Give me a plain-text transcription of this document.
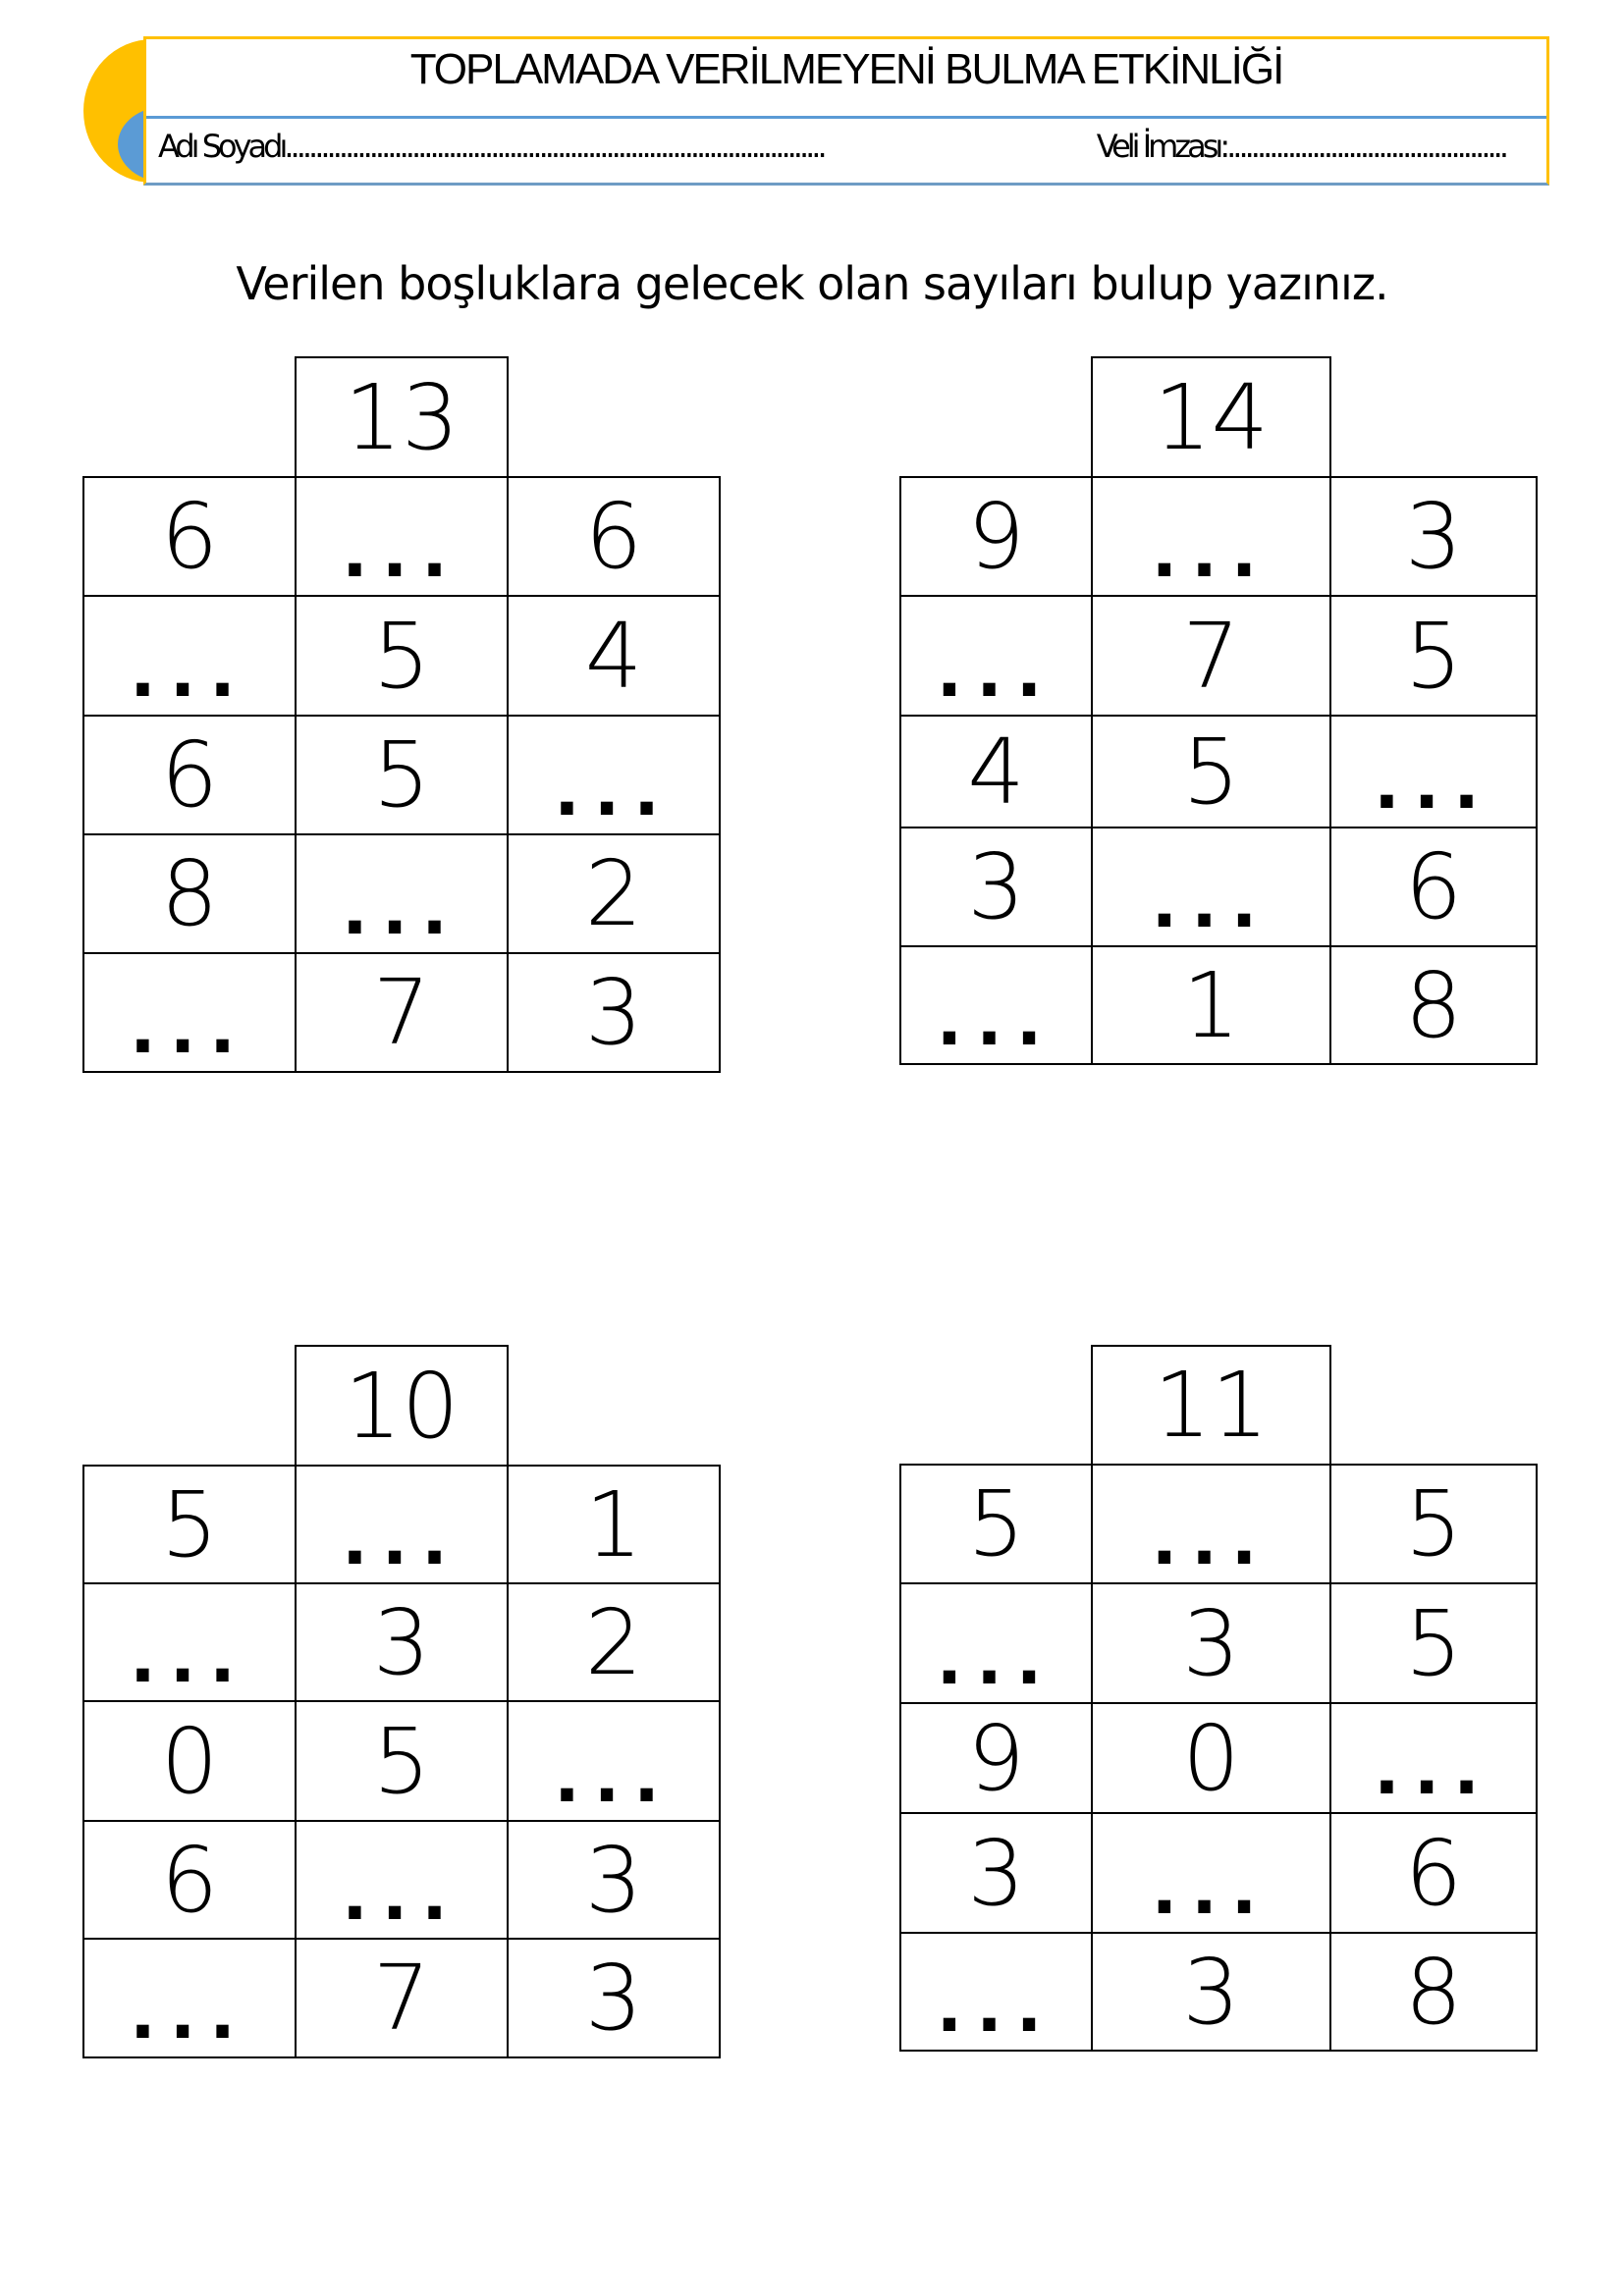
TOPLAMADA VERİLMEYENİ BULMA ETKİNLİĞİ
Adı Soyadı.........................................................................................	Veli İmzası:..............................................
Verilen boşluklara gelecek olan sayıları bulup yazınız.
13
6	...	6
...	5	4
6	5	...
8	...	2
...	7	3
14
9	...	3
...	7	5
4	5	...
3	...	6
...	1	8
10
5	...	1
...	3	2
0	5	...
6	...	3
...	7	3
11
5	...	5
...	3	5
9	0	...
3	...	6
...	3	8
